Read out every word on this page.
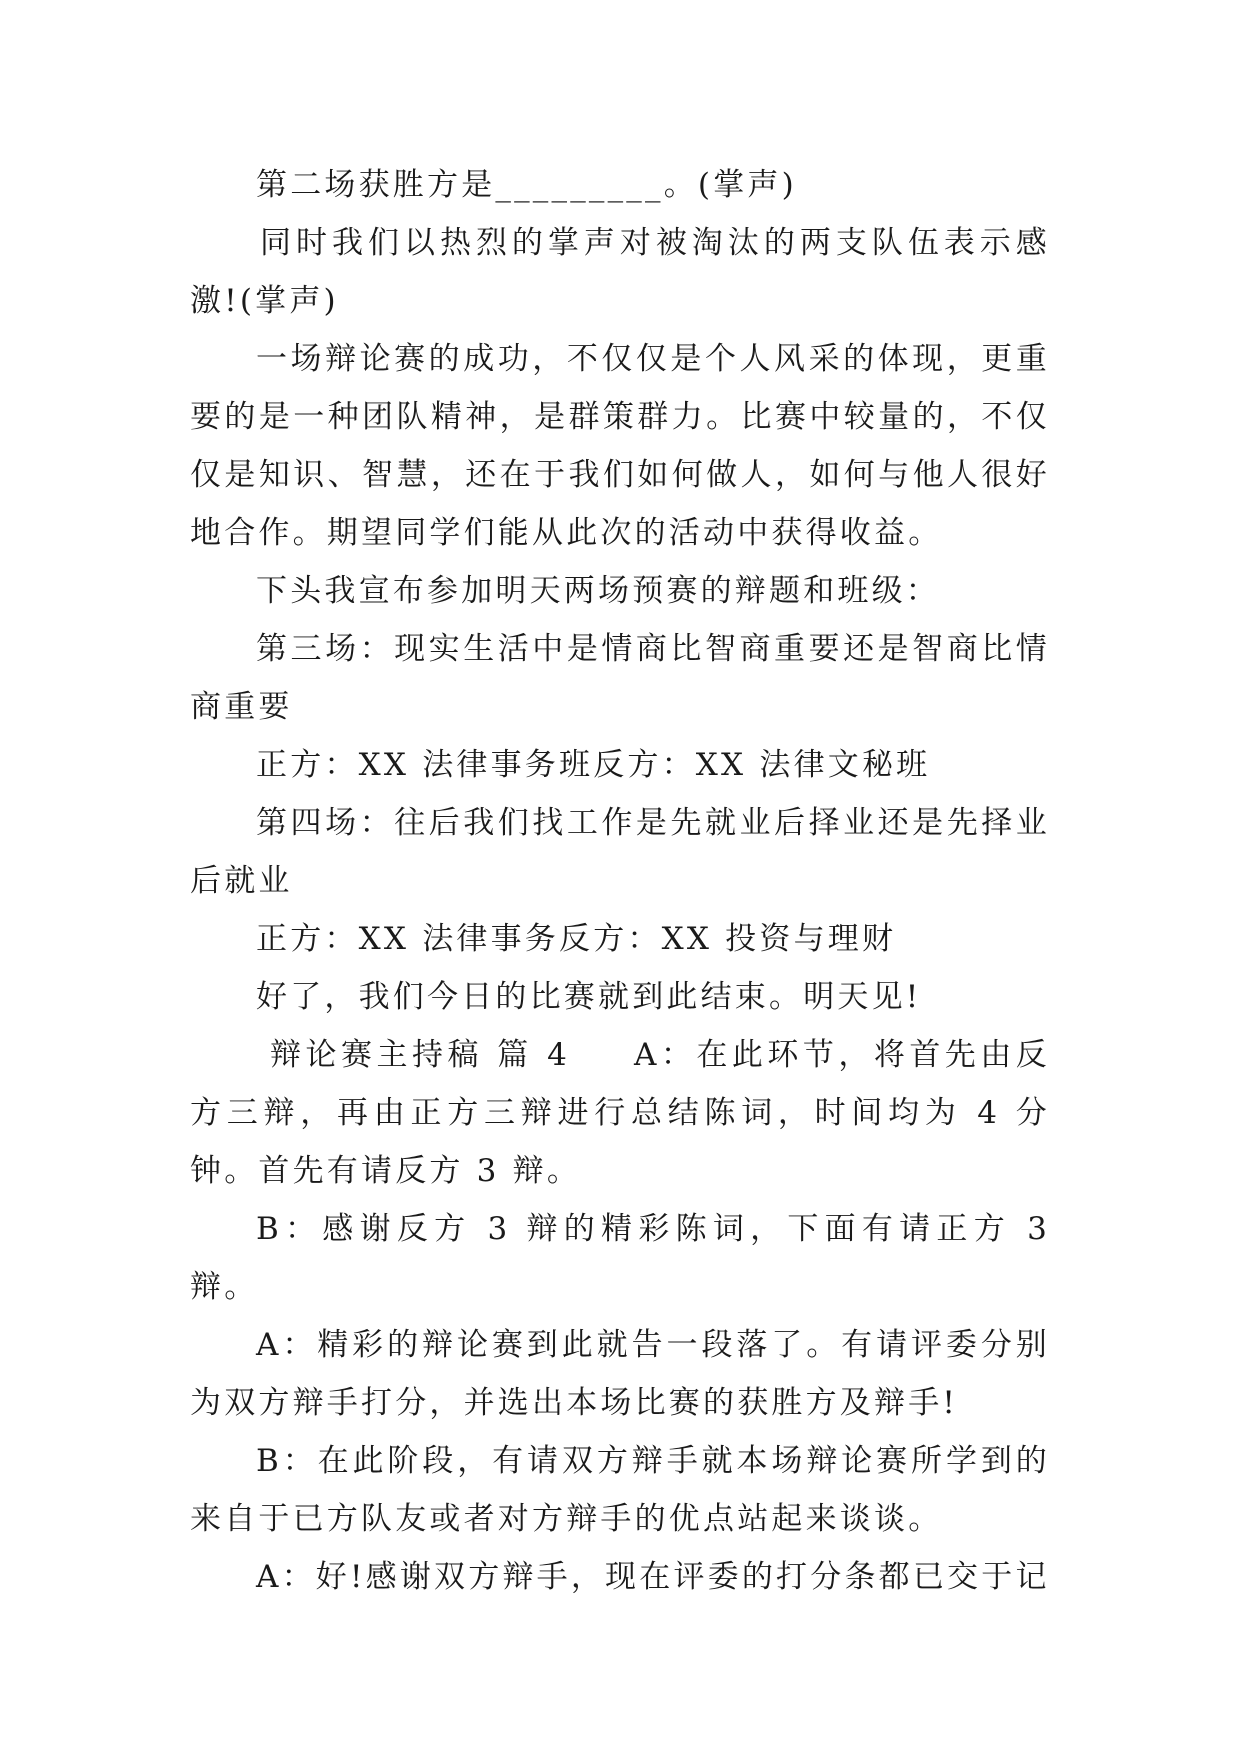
第二场获胜方是_________。(掌声)

同时我们以热烈的掌声对被淘汰的两支队伍表示感激!(掌声)

一场辩论赛的成功，不仅仅是个人风采的体现，更重要的是一种团队精神，是群策群力。比赛中较量的，不仅仅是知识、智慧，还在于我们如何做人，如何与他人很好地合作。期望同学们能从此次的活动中获得收益。

下头我宣布参加明天两场预赛的辩题和班级：

第三场：现实生活中是情商比智商重要还是智商比情商重要

正方：XX 法律事务班反方：XX 法律文秘班

第四场：往后我们找工作是先就业后择业还是先择业后就业

正方：XX 法律事务反方：XX 投资与理财

好了，我们今日的比赛就到此结束。明天见!

辩论赛主持稿 篇 4 A：在此环节，将首先由反方三辩，再由正方三辩进行总结陈词，时间均为 4 分钟。首先有请反方 3 辩。

B：感谢反方 3 辩的精彩陈词，下面有请正方 3 辩。

A：精彩的辩论赛到此就告一段落了。有请评委分别为双方辩手打分，并选出本场比赛的获胜方及辩手!

B：在此阶段，有请双方辩手就本场辩论赛所学到的来自于已方队友或者对方辩手的优点站起来谈谈。

A：好!感谢双方辩手，现在评委的打分条都已交于记
